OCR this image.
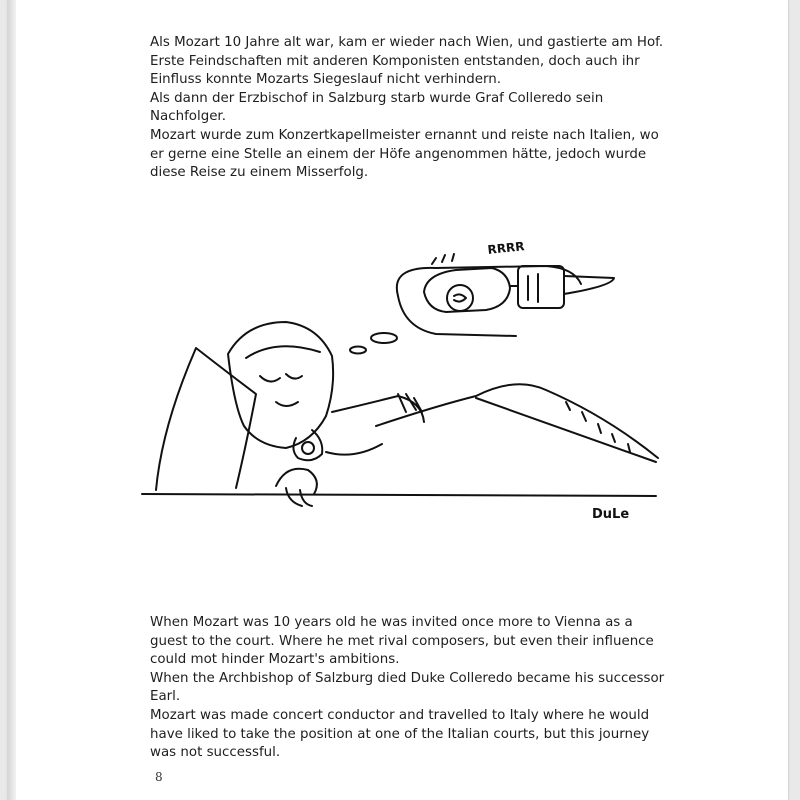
Als Mozart 10 Jahre alt war, kam er wieder nach Wien, und gastierte am Hof. Erste Feindschaften mit anderen Komponisten entstanden, doch auch ihr Einfluss konnte Mozarts Siegeslauf nicht verhindern.

Als dann der Erzbischof in Salzburg starb wurde Graf Colleredo sein Nachfolger.

Mozart wurde zum Konzertkapellmeister ernannt und reiste nach Italien, wo er gerne eine Stelle an einem der Höfe angenommen hätte, jedoch wurde diese Reise zu einem Misserfolg.

RRRR
DuLe

When Mozart was 10 years old he was invited once more to Vienna as a guest to the court. Where he met rival composers, but even their influence could mot hinder Mozart's ambitions.

When the Archbishop of Salzburg died Duke Colleredo became his successor Earl.

Mozart was made concert conductor and travelled to Italy where he would have liked to take the position at one of the Italian courts, but this journey was not successful.

8
